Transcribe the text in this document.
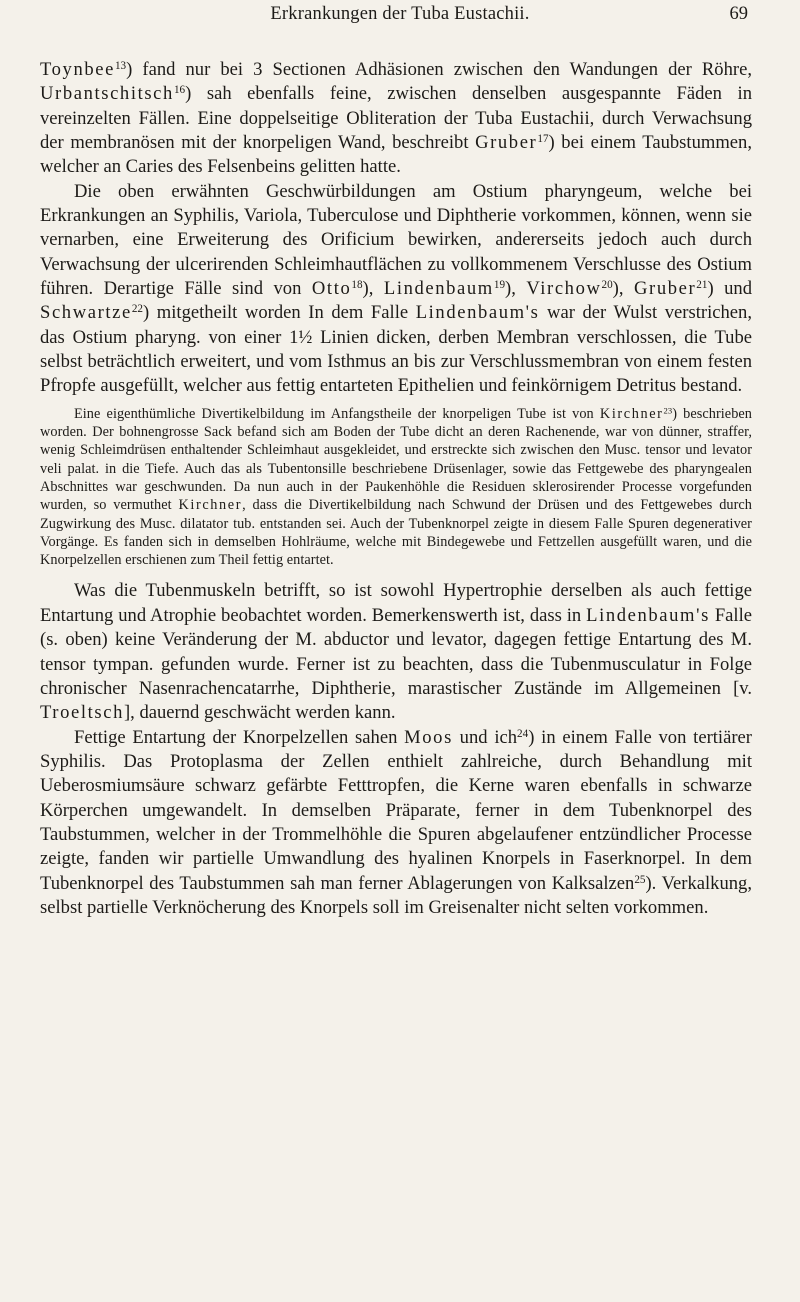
Erkrankungen der Tuba Eustachii.	69

Toynbee$^{13}$) fand nur bei 3 Sectionen Adhäsionen zwischen den Wandungen der Röhre, Urbantschitsch$^{16}$) sah ebenfalls feine, zwischen denselben ausgespannte Fäden in vereinzelten Fällen. Eine doppelseitige Obliteration der Tuba Eustachii, durch Verwachsung der membranösen mit der knorpeligen Wand, beschreibt Gruber$^{17}$) bei einem Taubstummen, welcher an Caries des Felsenbeins gelitten hatte.

Die oben erwähnten Geschwürbildungen am Ostium pharyngeum, welche bei Erkrankungen an Syphilis, Variola, Tuberculose und Diphtherie vorkommen, können, wenn sie vernarben, eine Erweiterung des Orificium bewirken, andererseits jedoch auch durch Verwachsung der ulcerirenden Schleimhautflächen zu vollkommenem Verschlusse des Ostium führen. Derartige Fälle sind von Otto$^{18}$), Lindenbaum$^{19}$), Virchow$^{20}$), Gruber$^{21}$) und Schwartze$^{22}$) mitgetheilt worden In dem Falle Lindenbaum's war der Wulst verstrichen, das Ostium pharyng. von einer 1½ Linien dicken, derben Membran verschlossen, die Tube selbst beträchtlich erweitert, und vom Isthmus an bis zur Verschlussmembran von einem festen Pfropfe ausgefüllt, welcher aus fettig entarteten Epithelien und feinkörnigem Detritus bestand.

Eine eigenthümliche Divertikelbildung im Anfangstheile der knorpeligen Tube ist von Kirchner$^{23}$) beschrieben worden. Der bohnengrosse Sack befand sich am Boden der Tube dicht an deren Rachenende, war von dünner, straffer, wenig Schleimdrüsen enthaltender Schleimhaut ausgekleidet, und erstreckte sich zwischen den Musc. tensor und levator veli palat. in die Tiefe. Auch das als Tubentonsille beschriebene Drüsenlager, sowie das Fettgewebe des pharyngealen Abschnittes war geschwunden. Da nun auch in der Paukenhöhle die Residuen sklerosirender Processe vorgefunden wurden, so vermuthet Kirchner, dass die Divertikelbildung nach Schwund der Drüsen und des Fettgewebes durch Zugwirkung des Musc. dilatator tub. entstanden sei. Auch der Tubenknorpel zeigte in diesem Falle Spuren degenerativer Vorgänge. Es fanden sich in demselben Hohlräume, welche mit Bindegewebe und Fettzellen ausgefüllt waren, und die Knorpelzellen erschienen zum Theil fettig entartet.

Was die Tubenmuskeln betrifft, so ist sowohl Hypertrophie derselben als auch fettige Entartung und Atrophie beobachtet worden. Bemerkenswerth ist, dass in Lindenbaum's Falle (s. oben) keine Veränderung der M. abductor und levator, dagegen fettige Entartung des M. tensor tympan. gefunden wurde. Ferner ist zu beachten, dass die Tubenmusculatur in Folge chronischer Nasenrachencatarrhe, Diphtherie, marastischer Zustände im Allgemeinen [v. Troeltsch], dauernd geschwächt werden kann.

Fettige Entartung der Knorpelzellen sahen Moos und ich$^{24}$) in einem Falle von tertiärer Syphilis. Das Protoplasma der Zellen enthielt zahlreiche, durch Behandlung mit Ueberosmiumsäure schwarz gefärbte Fetttropfen, die Kerne waren ebenfalls in schwarze Körperchen umgewandelt. In demselben Präparate, ferner in dem Tubenknorpel des Taubstummen, welcher in der Trommelhöhle die Spuren abgelaufener entzündlicher Processe zeigte, fanden wir partielle Umwandlung des hyalinen Knorpels in Faserknorpel. In dem Tubenknorpel des Taubstummen sah man ferner Ablagerungen von Kalksalzen$^{25}$). Verkalkung, selbst partielle Verknöcherung des Knorpels soll im Greisenalter nicht selten vorkommen.
